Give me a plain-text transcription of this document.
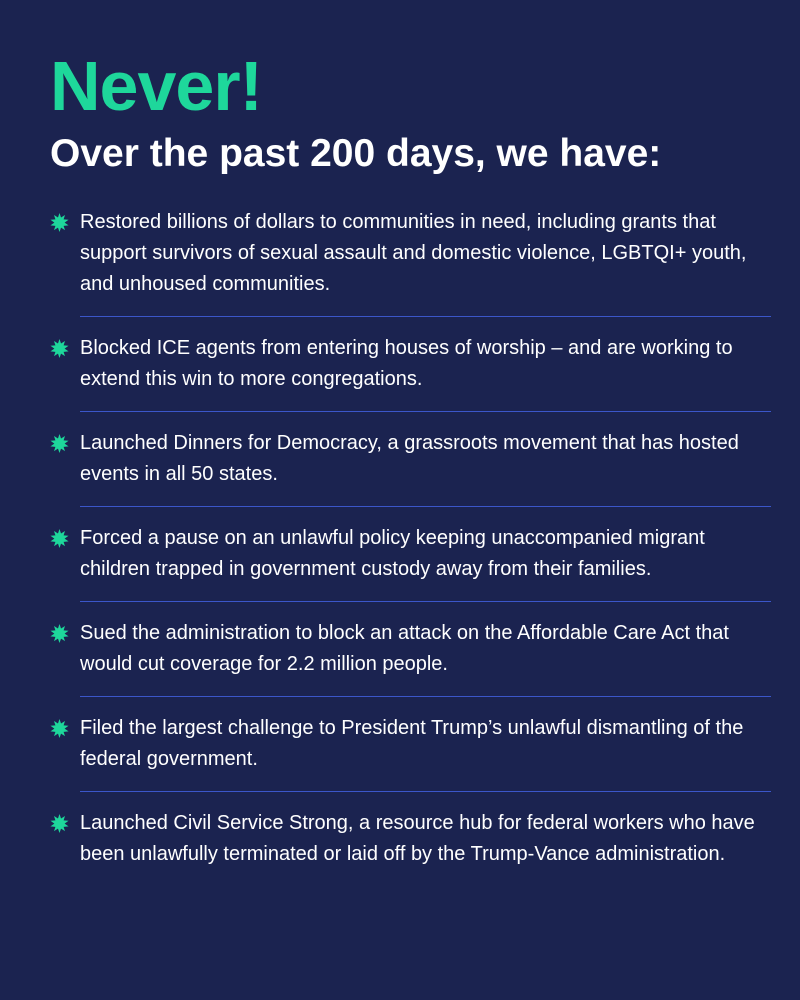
Never!
Over the past 200 days, we have:
Restored billions of dollars to communities in need, including grants that support survivors of sexual assault and domestic violence, LGBTQI+ youth, and unhoused communities.
Blocked ICE agents from entering houses of worship – and are working to extend this win to more congregations.
Launched Dinners for Democracy, a grassroots movement that has hosted events in all 50 states.
Forced a pause on an unlawful policy keeping unaccompanied migrant children trapped in government custody away from their families.
Sued the administration to block an attack on the Affordable Care Act that would cut coverage for 2.2 million people.
Filed the largest challenge to President Trump’s unlawful dismantling of the federal government.
Launched Civil Service Strong, a resource hub for federal workers who have been unlawfully terminated or laid off by the Trump-Vance administration.
